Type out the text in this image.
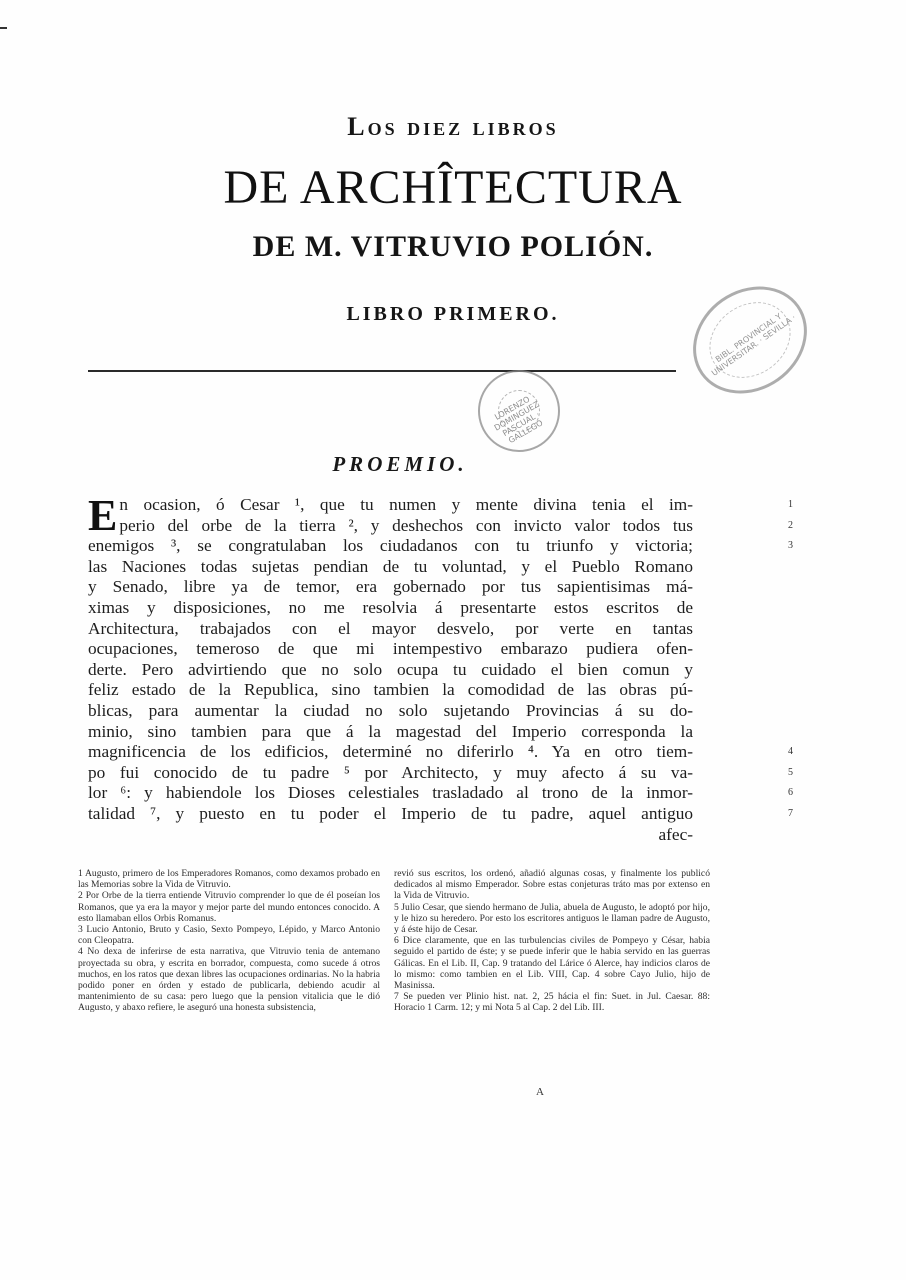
Los diez libros
DE ARCHÎTECTURA
DE M. VITRUVIO POLIÓN.
LIBRO PRIMERO.
LORENZO DOMINGUEZ PASCUAL · GALLEGO
BIBL. PROVINCIAL Y UNIVERSITAR. · SEVILLA ·
PROEMIO.
En ocasion, ó Cesar ¹, que tu numen y mente divina tenia el im-
perio del orbe de la tierra ², y deshechos con invicto valor todos tus
enemigos ³, se congratulaban los ciudadanos con tu triunfo y victoria;
las Naciones todas sujetas pendian de tu voluntad, y el Pueblo Romano
y Senado, libre ya de temor, era gobernado por tus sapientisimas má-
ximas y disposiciones, no me resolvia á presentarte estos escritos de
Architectura, trabajados con el mayor desvelo, por verte en tantas
ocupaciones, temeroso de que mi intempestivo embarazo pudiera ofen-
derte. Pero advirtiendo que no solo ocupa tu cuidado el bien comun y
feliz estado de la Republica, sino tambien la comodidad de las obras pú-
blicas, para aumentar la ciudad no solo sujetando Provincias á su do-
minio, sino tambien para que á la magestad del Imperio corresponda la
magnificencia de los edificios, determiné no diferirlo ⁴. Ya en otro tiem-
po fui conocido de tu padre ⁵ por Architecto, y muy afecto á su va-
lor ⁶: y habiendole los Dioses celestiales trasladado al trono de la inmor-
talidad ⁷, y puesto en tu poder el Imperio de tu padre, aquel antiguo
afec-
1
2
3
4
5
6
7

1 Augusto, primero de los Emperadores Romanos, como dexamos probado en las Memorias sobre la Vida de Vitruvio.

2 Por Orbe de la tierra entiende Vitruvio comprender lo que de él poseían los Romanos, que ya era la mayor y mejor parte del mundo entonces conocido. A esto llamaban ellos Orbis Romanus.

3 Lucio Antonio, Bruto y Casio, Sexto Pompeyo, Lépido, y Marco Antonio con Cleopatra.

4 No dexa de inferirse de esta narrativa, que Vitruvio tenia de antemano proyectada su obra, y escrita en borrador, compuesta, como sucede á otros muchos, en los ratos que dexan libres las ocupaciones ordinarias. No la habria podido poner en órden y estado de publicarla, debiendo acudir al mantenimiento de su casa: pero luego que la pension vitalicia que le dió Augusto, y abaxo refiere, le aseguró una honesta subsistencia,

revió sus escritos, los ordenó, añadió algunas cosas, y finalmente los publicó dedicados al mismo Emperador. Sobre estas conjeturas tráto mas por extenso en la Vida de Vitruvio.

5 Julio Cesar, que siendo hermano de Julia, abuela de Augusto, le adoptó por hijo, y le hizo su heredero. Por esto los escritores antiguos le llaman padre de Augusto, y á éste hijo de Cesar.

6 Dice claramente, que en las turbulencias civiles de Pompeyo y César, habia seguido el partido de éste; y se puede inferir que le habia servido en las guerras Gálicas. En el Lib. II, Cap. 9 tratando del Lárice ó Alerce, hay indicios claros de lo mismo: como tambien en el Lib. VIII, Cap. 4 sobre Cayo Julio, hijo de Masinissa.

7 Se pueden ver Plinio hist. nat. 2, 25 hácia el fin: Suet. in Jul. Caesar. 88: Horacio 1 Carm. 12; y mi Nota 5 al Cap. 2 del Lib. III.

A
